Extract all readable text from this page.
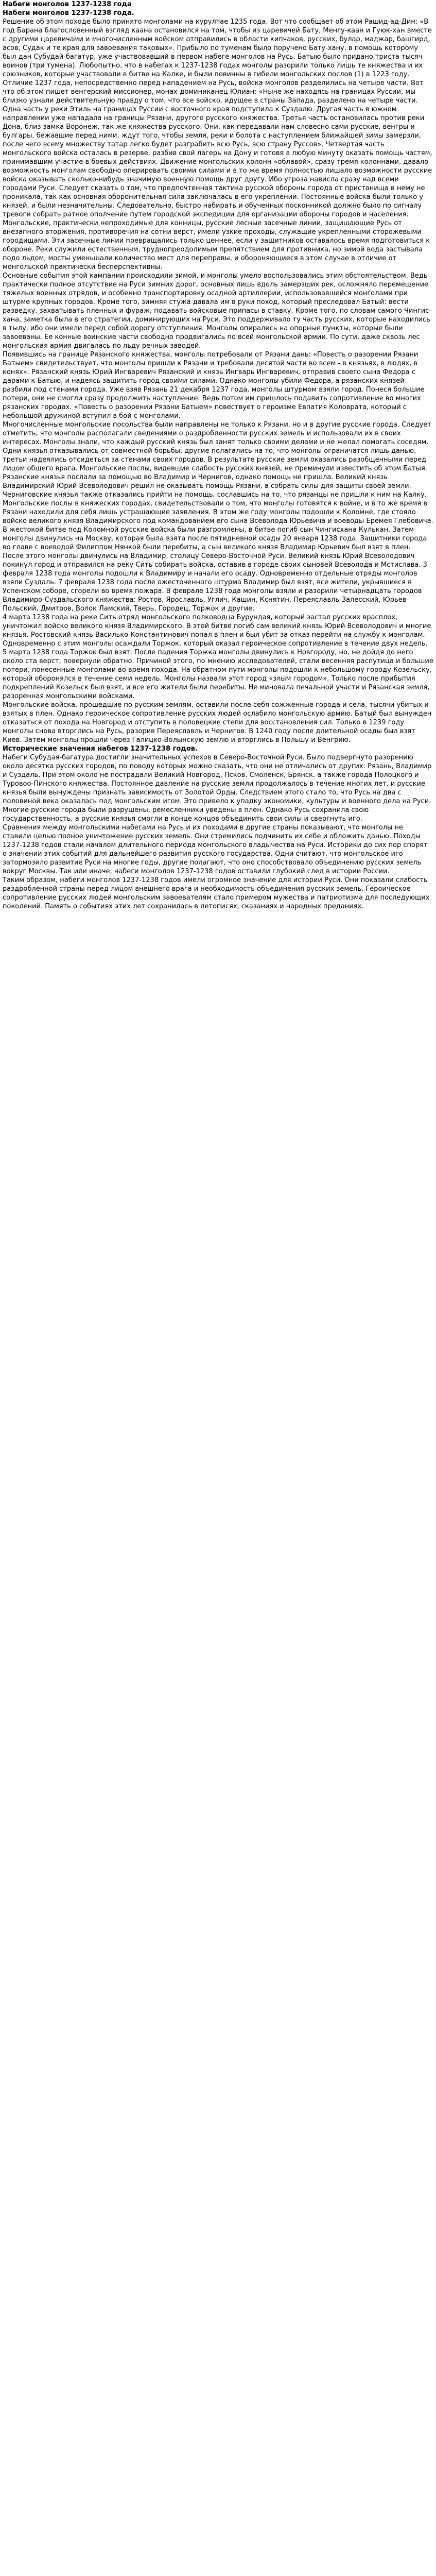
Набеги монголов 1237-1238 года
Набеги монголов 1237-1238 года.

Решение об этом походе было принято монголами на курултае 1235 года. Вот что сообщает об этом Рашид-ад-Дин: «В год Барана благословенный взгляд каана остановился на том, чтобы из царевичей Бату, Менгу-каан и Гуюк-хан вместе с другими царевичами и многочисленным войском отправились в области кипчаков, русских, булар, маджар, башгирд, асов, Судак и те края для завоевания таковых». Прибыло по туменам было поручено Бату-хану, в помощь которому был дан Субудай-багатур, уже участвовавший в первом набеге монголов на Русь. Батыю было придано триста тысяч воинов (три тумена). Любопытно, что в набегах к 1237-1238 годах монголы разорили только лишь те княжества и их союзников, которые участвовали в битве на Калке, и были повинны в гибели монгольских послов (1) в 1223 году.

Отличие 1237 года, непосредственно перед нападением на Русь, войска монголов разделились на четыре части. Вот что об этом пишет венгерский миссионер, монах-доминиканец Юлиан: «Ныне же находясь на границах Руссии, мы близко узнали действительную правду о том, что все войско, идущее в страны Запада, разделено на четыре части. Одна часть у реки Этиль на границах Руссии с восточного края подступила к Суздалю. Другая часть в южном направлении уже нападала на границы Рязани, другого русского княжества. Третья часть остановилась против реки Дона, близ замка Воронеж, так же княжества русского. Они, как передавали нам словесно сами русские, венгры и булгары, бежавшие перед ними, ждут того, чтобы земля, реки и болота с наступлением ближайшей зимы замерзли, после чего всему множеству татар легко будет разграбить всю Русь, всю страну Руссов». Четвертая часть монгольского войска осталась в резерве, разбив свой лагерь на Дону и готовя в любую минуту оказать помощь частям, принимавшим участие в боевых действиях. Движение монгольских колонн «облавой», сразу тремя колоннами, давало возможность монголам свободно оперировать своими силами и в то же время полностью лишало возможности русские войска оказывать сколько-нибудь значимую военную помощь друг другу. Ибо угроза нависла сразу над всеми городами Руси. Следует сказать о том, что предпочтенная тактика русской обороны города от пристанища в нему не проникала, так как основная оборонительная сила заключалась в его укреплении. Постоянные войска были только у князей, и были незначительны. Следовательно, быстро набирать и обученных посконникой должно было по сигналу тревоги собрать ратное ополчение путем городской экспедиции для организации обороны городов и населения. Монгольские, практически непроходимые для конницы, русские лесные засечные линии, защищающие Русь от внезапного вторжения, противоречия на сотни верст, имели узкие проходы, служащие укрепленными сторожевыми городищами. Эти засечные линии превращались только ценнее, если у защитников оставалось время подготовиться к обороне. Реки служили естественным, труднопреодолимым препятствием для противника, но зимой вода застывала подо льдом, мосты уменьшали количество мест для переправы, и обороняющиеся в этом случае в отличие от монгольской практически бесперспективны.

Основные события этой кампании происходили зимой, и монголы умело воспользовались этим обстоятельством. Ведь практически полное отсутствие на Руси зимних дорог, основных лишь вдоль замерзших рек, осложняло перемещение тяжелых военных отрядов, и особенно транспортировку осадной артиллерии, использовавшейся монголами при штурме крупных городов. Кроме того, зимняя стужа давала им в руки поход, который преследовал Батый: вести разведку, захватывать пленных и фураж, подавать войсковые припасы в ставку. Кроме того, по словам самого Чингис-хана, заметка была в его стратегии, доминирующих на Руси. Это поддерживало ту часть русских, которые находились в тылу, ибо они имели перед собой дорогу отступления. Монголы опирались на опорные пункты, которые были завоеваны. Ее конные воинские части свободно продвигались по всей монгольской армии. По сути, даже сквозь лес монгольская армия двигалась по льду речных заводей.

Появившись на границе Рязанского княжества, монголы потребовали от Рязани дань: «Повесть о разорении Рязани Батыем» свидетельствует, что монголы пришли к Рязани и требовали десятой части во всем - в князьях, в людях, в конях». Рязанский князь Юрий Ингваревич Рязанский и князь Ингварь Ингваревич, отправив своего сына Федора с дарами к Батыю, и надеясь защитить город своими силами. Однако монголы убили Федора, а рязанских князей разбили под стенами города. Уже взяв Рязань 21 декабря 1237 года, монголы штурмом взяли город. Понеся большие потери, они не смогли сразу продолжить наступление. Ведь потом им пришлось подавить сопротивление во многих рязанских городах. «Повесть о разорении Рязани Батыем» повествует о героизме Евпатия Коловрата, который с небольшой дружиной вступил в бой с монголами.

Многочисленные монгольские посольства были направлены не только к Рязани, но и в другие русские города. Следует отметить, что монголы располагали сведениями о раздробленности русских земель и использовали их в своих интересах. Монголы знали, что каждый русский князь был занят только своими делами и не желал помогать соседям. Одни князья отказывались от совместной борьбы, другие полагались на то, что монголы ограничатся лишь данью, третьи надеялись отсидеться за стенами своих городов. В результате русские земли оказались разобщенными перед лицом общего врага. Монгольские послы, видевшие слабость русских князей, не преминули известить об этом Батыя. Рязанские князья послали за помощью во Владимир и Чернигов, однако помощь не пришла. Великий князь Владимирский Юрий Всеволодович решил не оказывать помощь Рязани, а собрать силы для защиты своей земли. Черниговские князья также отказались прийти на помощь, сославшись на то, что рязанцы не пришли к ним на Калку.

Монгольские послы в княжеских городах, свидетельствовали о том, что монголы готовятся к войне, и в то же время в Рязани находили для себя лишь устрашающие заявления. В этом же году монголы подошли к Коломне, где стояло войско великого князя Владимирского под командованием его сына Всеволода Юрьевича и воеводы Еремея Глебовича. В жестокой битве под Коломной русские войска были разгромлены, в битве погиб сын Чингисхана Кулькан. Затем монголы двинулись на Москву, которая была взята после пятидневной осады 20 января 1238 года. Защитники города во главе с воеводой Филиппом Нянкой были перебиты, а сын великого князя Владимир Юрьевич был взят в плен. После этого монголы двинулись на Владимир, столицу Северо-Восточной Руси. Великий князь Юрий Всеволодович покинул город и отправился на реку Сить собирать войска, оставив в городе своих сыновей Всеволода и Мстислава. 3 февраля 1238 года монголы подошли к Владимиру и начали его осаду. Одновременно отдельные отряды монголов взяли Суздаль. 7 февраля 1238 года после ожесточенного штурма Владимир был взят, все жители, укрывшиеся в Успенском соборе, сгорели во время пожара. В феврале 1238 года монголы взяли и разорили четырнадцать городов Владимиро-Суздальского княжества: Ростов, Ярославль, Углич, Кашин, Кснятин, Переяславль-Залесский, Юрьев-Польский, Дмитров, Волок Ламский, Тверь, Городец, Торжок и другие.

4 марта 1238 года на реке Сить отряд монгольского полководца Бурундая, который застал русских врасплох, уничтожил войско великого князя Владимирского. В этой битве погиб сам великий князь Юрий Всеволодович и многие князья. Ростовский князь Василько Константинович попал в плен и был убит за отказ перейти на службу к монголам. Одновременно с этим монголы осаждали Торжок, который оказал героическое сопротивление в течение двух недель. 5 марта 1238 года Торжок был взят. После падения Торжка монголы двинулись к Новгороду, но, не дойдя до него около ста верст, повернули обратно. Причиной этого, по мнению исследователей, стали весенняя распутица и большие потери, понесенные монголами во время похода. На обратном пути монголы подошли к небольшому городу Козельску, который оборонялся в течение семи недель. Монголы назвали этот город «злым городом». Только после прибытия подкреплений Козельск был взят, и все его жители были перебиты. Не миновала печальной участи и Рязанская земля, разоренная монгольскими войсками.

Монгольские войска, прошедшие по русским землям, оставили после себя сожженные города и села, тысячи убитых и взятых в плен. Однако героическое сопротивление русских людей ослабило монгольскую армию. Батый был вынужден отказаться от похода на Новгород и отступить в половецкие степи для восстановления сил. Только в 1239 году монголы снова вторглись на Русь, разорив Переяславль и Чернигов. В 1240 году после длительной осады был взят Киев. Затем монголы прошли через Галицко-Волынскую землю и вторглись в Польшу и Венгрию.

Исторические значения набегов 1237-1238 годов.

Набеги Субудая-багатура достигли значительных успехов в Северо-Восточной Руси. Было подвергнуто разорению около десятка русских городов, по поводу которых можно сказать, что они не отличались от других: Рязань, Владимир и Суздаль. При этом около не пострадали Великий Новгород, Псков, Смоленск, Брянск, а также города Полоцкого и Туровоо-Пинского княжества. Постоянное давление на русские земли продолжалось в течение многих лет, и русские князья были вынуждены признать зависимость от Золотой Орды. Следствием этого стало то, что Русь на два с половиной века оказалась под монгольским игом. Это привело к упадку экономики, культуры и военного дела на Руси. Многие русские города были разрушены, ремесленники уведены в плен. Однако Русь сохранила свою государственность, а русские князья смогли в конце концов объединить свои силы и свергнуть иго.

Сравнения между монгольскими набегами на Русь и их походами в другие страны показывают, что монголы не ставили целью полное уничтожение русских земель. Они стремились подчинить их себе и обложить данью. Походы 1237-1238 годов стали началом длительного периода монгольского владычества на Руси. Историки до сих пор спорят о значении этих событий для дальнейшего развития русского государства. Одни считают, что монгольское иго затормозило развитие Руси на многие годы, другие полагают, что оно способствовало объединению русских земель вокруг Москвы. Так или иначе, набеги монголов 1237-1238 годов оставили глубокий след в истории России.

Таким образом, набеги монголов 1237-1238 годов имели огромное значение для истории Руси. Они показали слабость раздробленной страны перед лицом внешнего врага и необходимость объединения русских земель. Героическое сопротивление русских людей монгольским завоевателям стало примером мужества и патриотизма для последующих поколений. Память о событиях этих лет сохранилась в летописях, сказаниях и народных преданиях.
